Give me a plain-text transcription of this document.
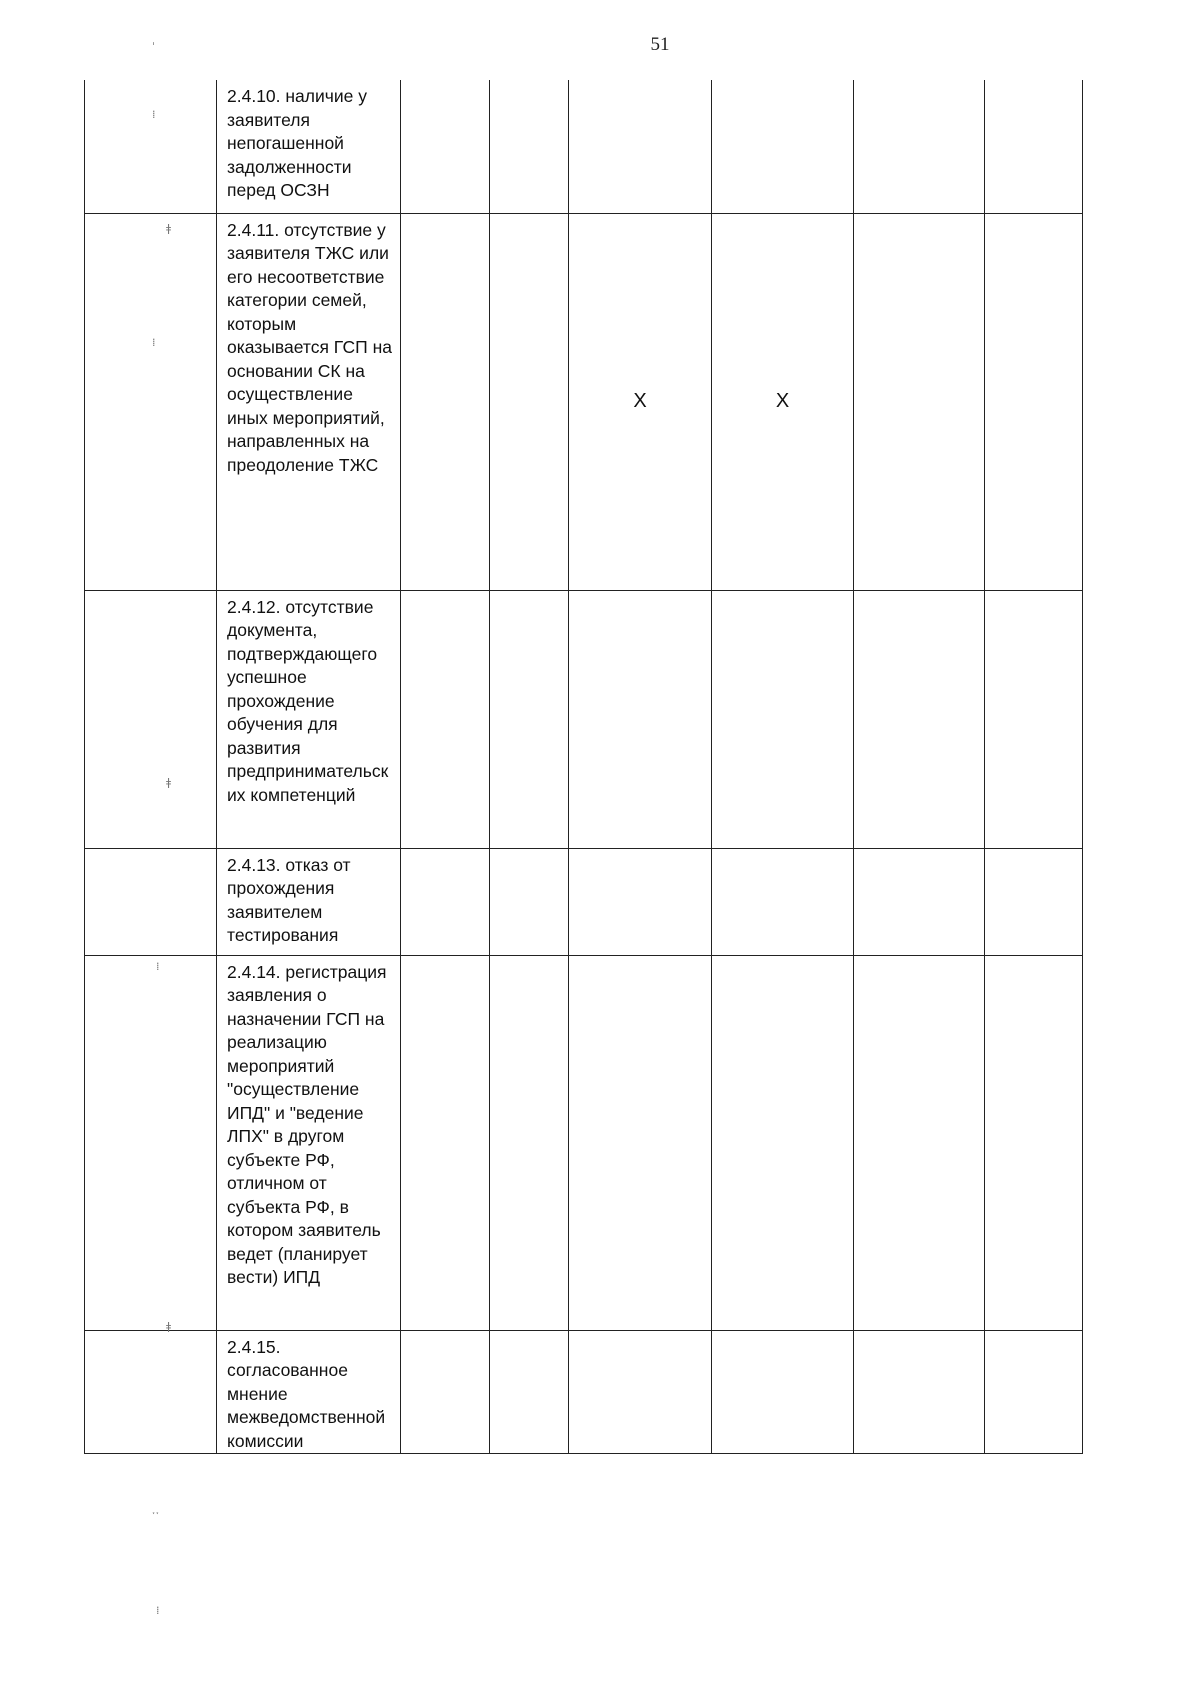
51
	2.4.10. наличие у заявителя непогашенной задолженности перед ОСЗН						
	2.4.11. отсутствие у заявителя ТЖС или его несоответствие категории семей, которым оказывается ГСП на основании СК на осуществление иных мероприятий, направленных на преодоление ТЖС			X	X		
	2.4.12. отсутствие документа, подтверждающего успешное прохождение обучения для развития предпринимательских компетенций						
	2.4.13. отказ от прохождения заявителем тестирования						
	2.4.14. регистрация заявления о назначении ГСП на реализацию мероприятий "осуществление ИПД" и "ведение ЛПХ" в другом субъекте РФ, отличном от субъекта РФ, в котором заявитель ведет (планирует вести) ИПД						
	2.4.15. согласованное мнение межведомственной комиссии						
ˈ
⁞
ǂ
⁞
ǂ
⁞
ǂ
ˑˑ
⁞
